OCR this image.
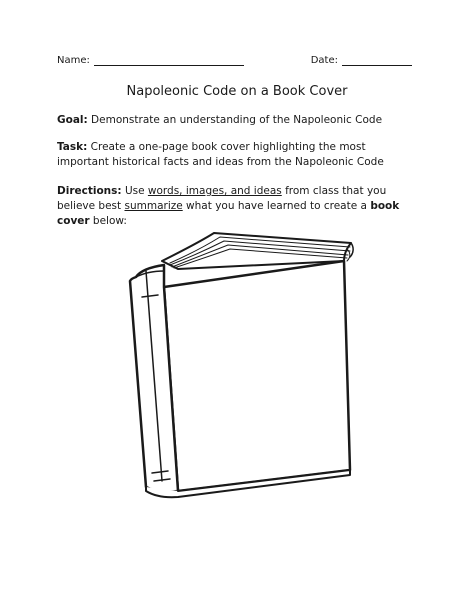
Name:	Date:
Napoleonic Code on a Book Cover
Goal: Demonstrate an understanding of the Napoleonic Code
Task: Create a one-page book cover highlighting the most important historical facts and ideas from the Napoleonic Code
Directions: Use words, images, and ideas from class that you believe best summarize what you have learned to create a book cover below:
